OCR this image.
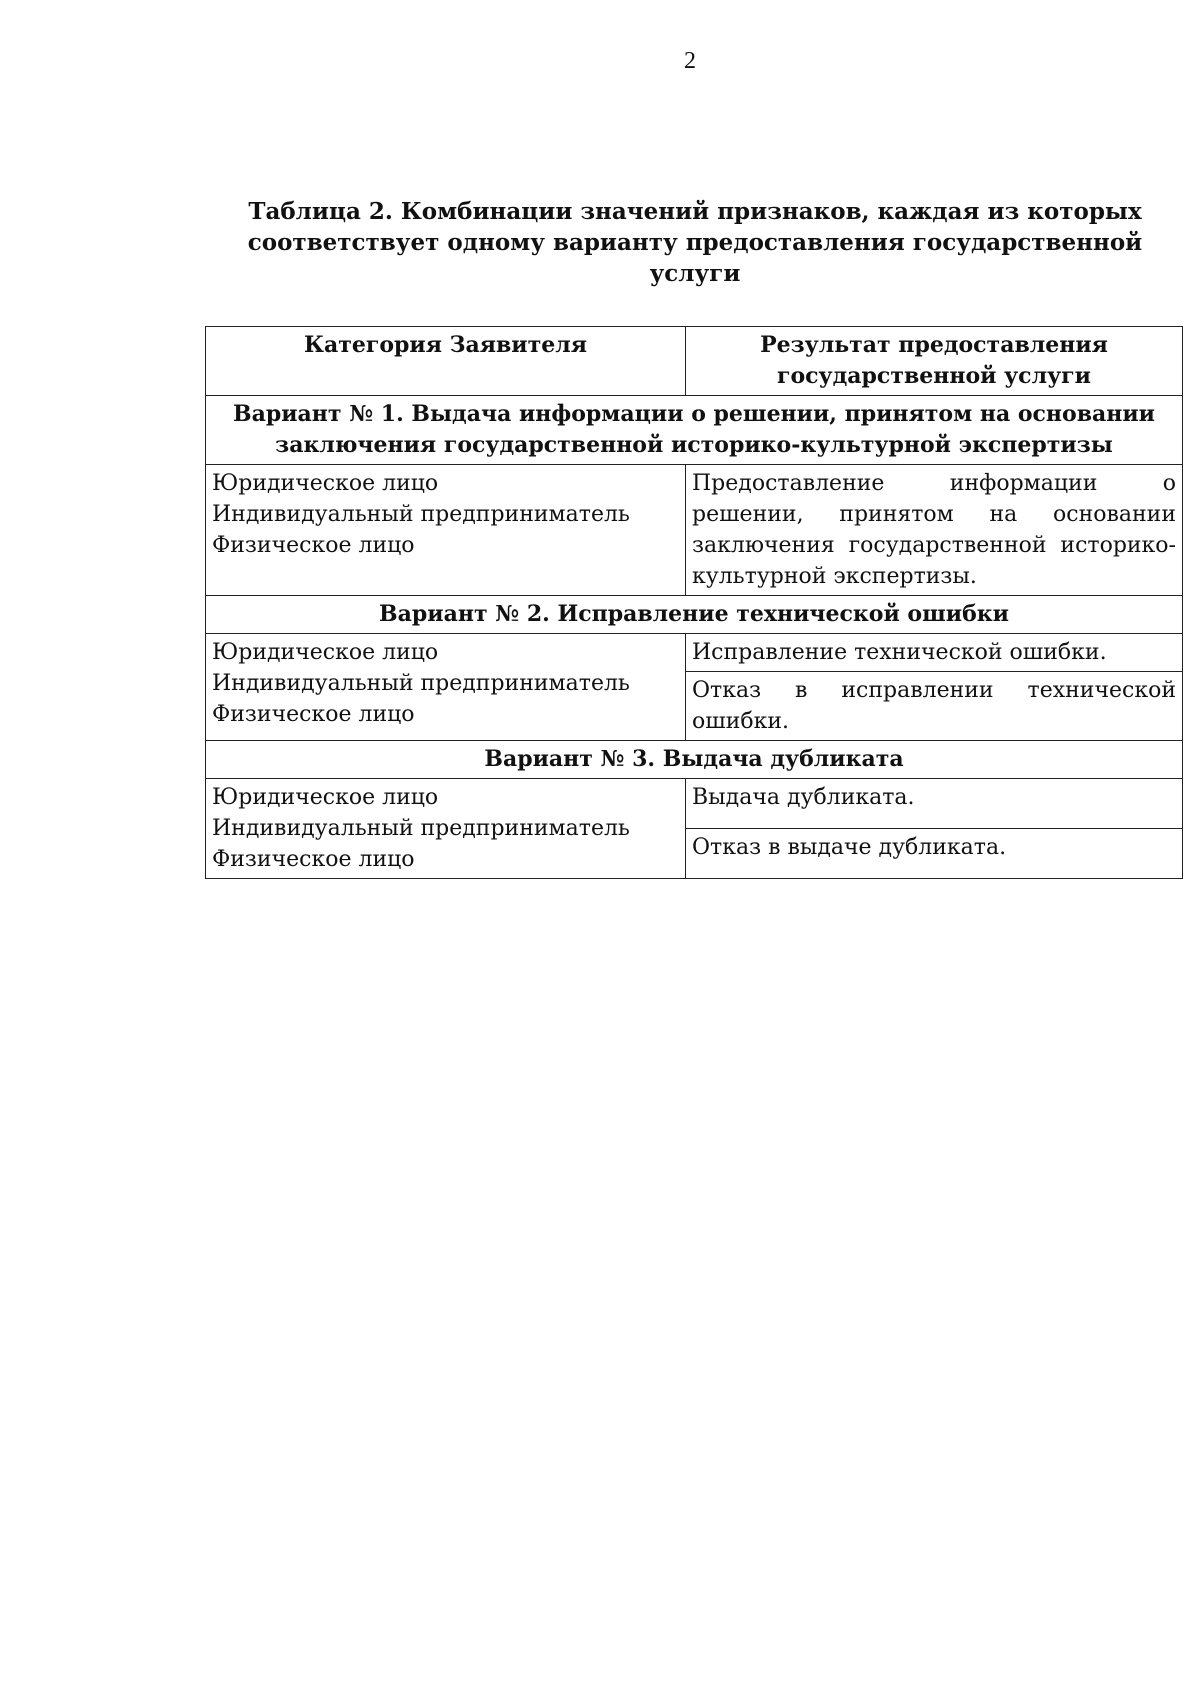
2
Таблица 2. Комбинации значений признаков, каждая из которых
соответствует одному варианту предоставления государственной
услуги
Категория Заявителя	Результат предоставления
государственной услуги

Вариант № 1. Выдача информации о решении, принятом на основании
заключения государственной историко-культурной экспертизы	

Юридическое лицо
Индивидуальный предприниматель
Физическое лицо	Предоставление информации о решении, принятом на основании заключения государственной историко-культурной экспертизы.

Вариант № 2. Исправление технической ошибки	

Юридическое лицо
Индивидуальный предприниматель
Физическое лицо	Исправление технической ошибки.
	Отказ в исправлении технической ошибки.

Вариант № 3. Выдача дубликата	

Юридическое лицо
Индивидуальный предприниматель
Физическое лицо	Выдача дубликата.
	Отказ в выдаче дубликата.
